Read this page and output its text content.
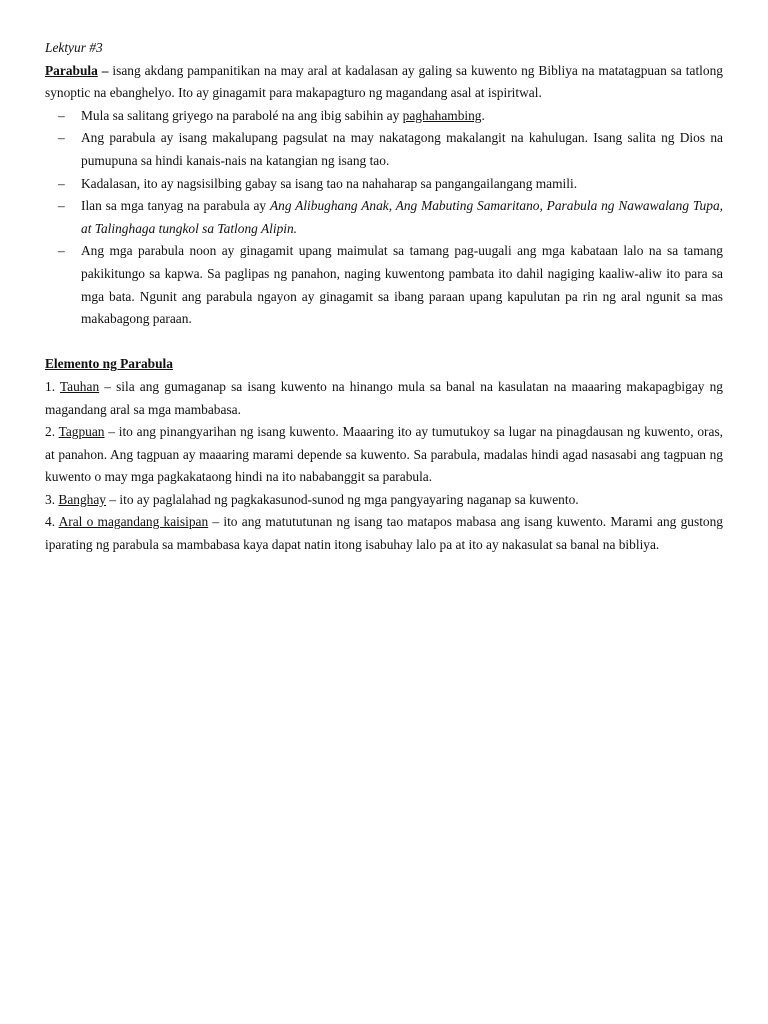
Lektyur #3

Parabula – isang akdang pampanitikan na may aral at kadalasan ay galing sa kuwento ng Bibliya na matatagpuan sa tatlong synoptic na ebanghelyo. Ito ay ginagamit para makapagturo ng magandang asal at ispiritwal.

– Mula sa salitang griyego na parabolé na ang ibig sabihin ay paghahambing.
– Ang parabula ay isang makalupang pagsulat na may nakatagong makalangit na kahulugan. Isang salita ng Dios na pumupuna sa hindi kanais-nais na katangian ng isang tao.
– Kadalasan, ito ay nagsisilbing gabay sa isang tao na nahaharap sa pangangailangang mamili.
– Ilan sa mga tanyag na parabula ay Ang Alibughang Anak, Ang Mabuting Samaritano, Parabula ng Nawawalang Tupa, at Talinghaga tungkol sa Tatlong Alipin.
– Ang mga parabula noon ay ginagamit upang maimulat sa tamang pag-uugali ang mga kabataan lalo na sa tamang pakikitungo sa kapwa. Sa paglipas ng panahon, naging kuwentong pambata ito dahil nagiging kaaliw-aliw ito para sa mga bata. Ngunit ang parabula ngayon ay ginagamit sa ibang paraan upang kapulutan pa rin ng aral ngunit sa mas makabagong paraan.
Elemento ng Parabula

1. Tauhan – sila ang gumaganap sa isang kuwento na hinango mula sa banal na kasulatan na maaaring makapagbigay ng magandang aral sa mga mambabasa.

2. Tagpuan – ito ang pinangyarihan ng isang kuwento. Maaaring ito ay tumutukoy sa lugar na pinagdausan ng kuwento, oras, at panahon. Ang tagpuan ay maaaring marami depende sa kuwento. Sa parabula, madalas hindi agad nasasabi ang tagpuan ng kuwento o may mga pagkakataong hindi na ito nababanggit sa parabula.

3. Banghay – ito ay paglalahad ng pagkakasunod-sunod ng mga pangyayaring naganap sa kuwento.

4. Aral o magandang kaisipan – ito ang matututunan ng isang tao matapos mabasa ang isang kuwento. Marami ang gustong iparating ng parabula sa mambabasa kaya dapat natin itong isabuhay lalo pa at ito ay nakasulat sa banal na bibliya.
